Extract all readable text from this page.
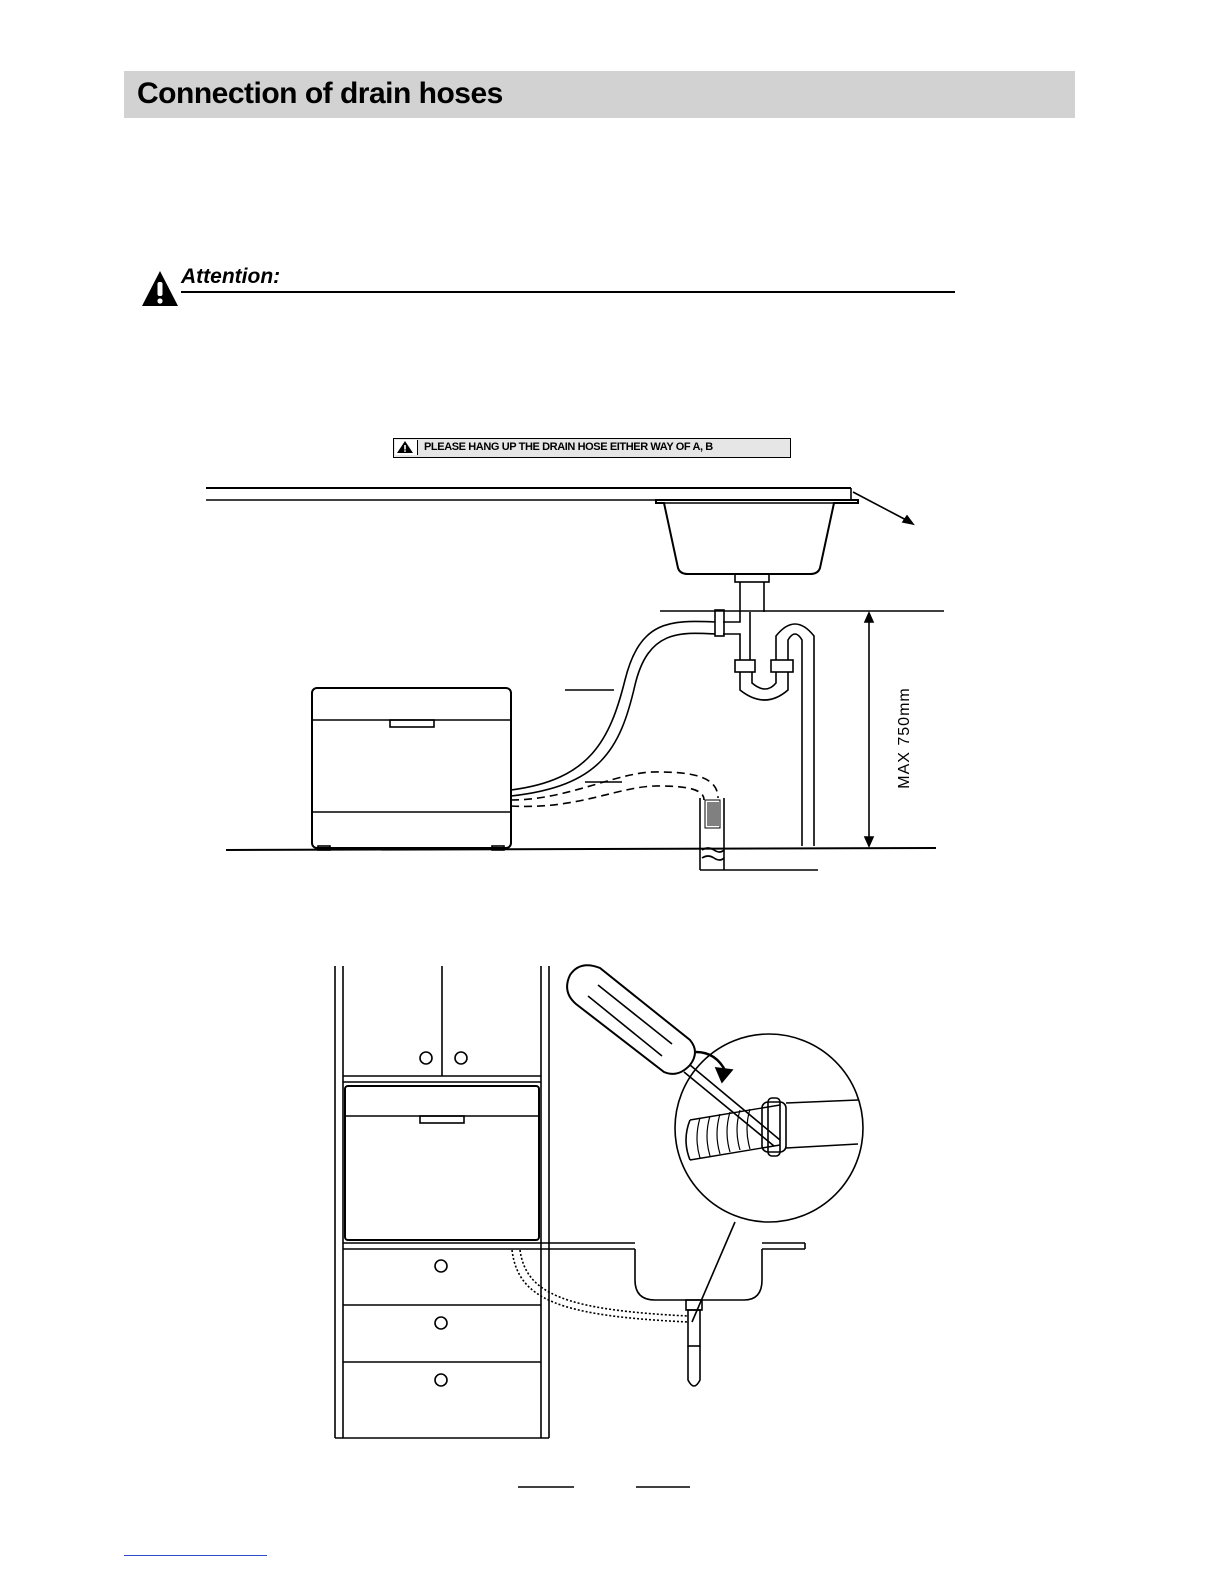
Connection of drain hoses
Attention:
PLEASE HANG UP THE DRAIN HOSE EITHER WAY OF A, B
MAX 750mm
